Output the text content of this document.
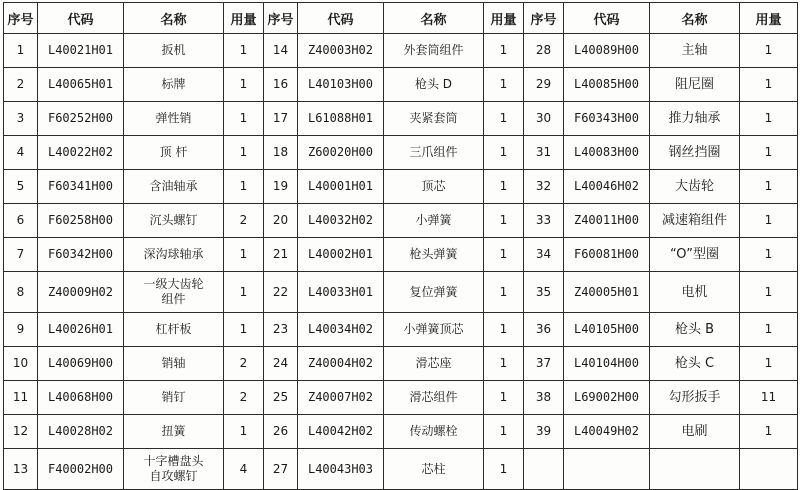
序号	代码	名称	用量	序号	代码	名称	用量	序号	代码	名称	用量
1	L40021H01	扳机	1	14	Z40003H02	外套筒组件	1	28	L40089H00	主轴	1
2	L40065H01	标牌	1	16	L40103H00	枪头 D	1	29	L40085H00	阻尼圈	1
3	F60252H00	弹性销	1	17	L61088H01	夹紧套筒	1	30	F60343H00	推力轴承	1
4	L40022H02	顶 杆	1	18	Z60020H00	三爪组件	1	31	L40083H00	钢丝挡圈	1
5	F60341H00	含油轴承	1	19	L40001H01	顶芯	1	32	L40046H02	大齿轮	1
6	F60258H00	沉头螺钉	2	20	L40032H02	小弹簧	1	33	Z40011H00	减速箱组件	1
7	F60342H00	深沟球轴承	1	21	L40002H01	枪头弹簧	1	34	F60081H00	“O”型圈	1
8	Z40009H02	一级大齿轮
组件	1	22	L40033H01	复位弹簧	1	35	Z40005H01	电机	1
9	L40026H01	杠杆板	1	23	L40034H02	小弹簧顶芯	1	36	L40105H00	枪头 B	1
10	L40069H00	销轴	2	24	Z40004H02	滑芯座	1	37	L40104H00	枪头 C	1
11	L40068H00	销钉	2	25	Z40007H02	滑芯组件	1	38	L69002H00	勾形扳手	11
12	L40028H02	扭簧	1	26	L40042H02	传动螺栓	1	39	L40049H02	电刷	1
13	F40002H00	十字槽盘头
自攻螺钉	4	27	L40043H03	芯柱	1				
